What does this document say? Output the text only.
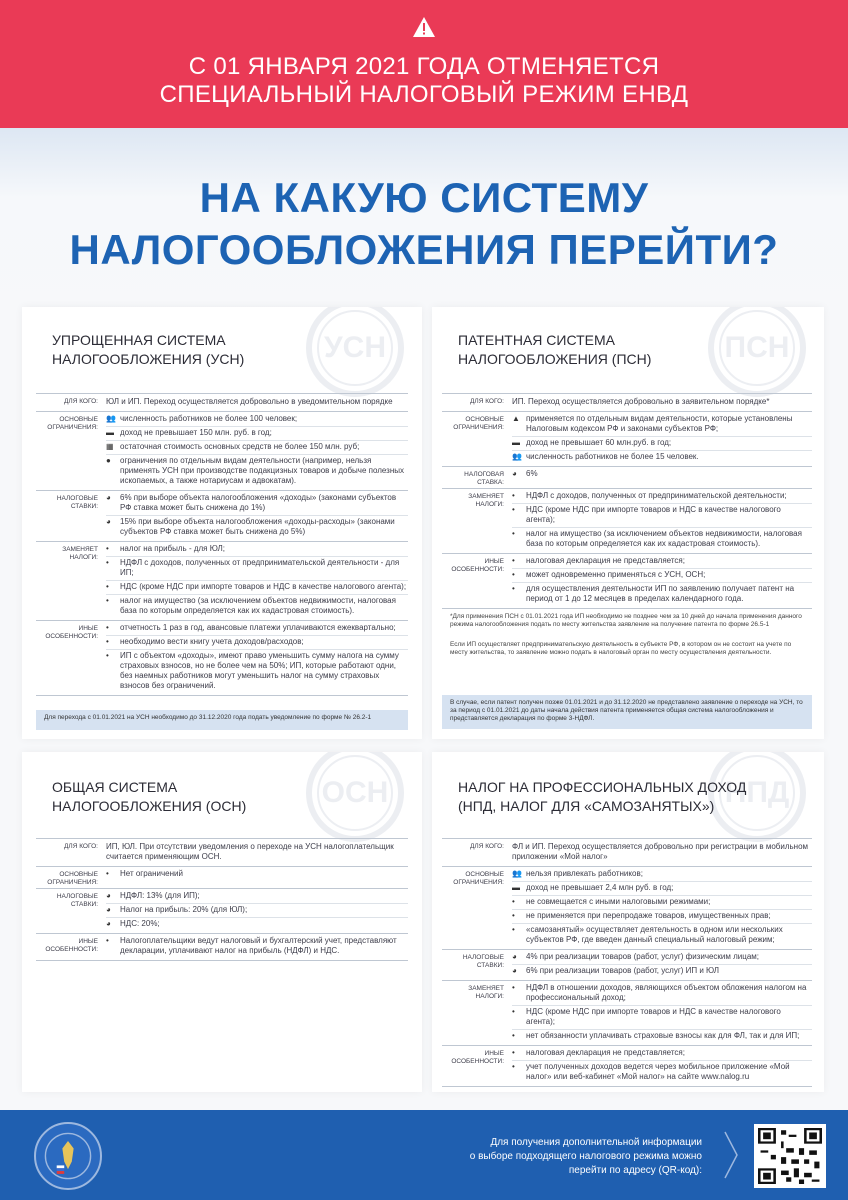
С 01 ЯНВАРЯ 2021 ГОДА ОТМЕНЯЕТСЯ
СПЕЦИАЛЬНЫЙ НАЛОГОВЫЙ РЕЖИМ ЕНВД
НА КАКУЮ СИСТЕМУ
НАЛОГООБЛОЖЕНИЯ ПЕРЕЙТИ?
УСН
УПРОЩЕННАЯ СИСТЕМА
НАЛОГООБЛОЖЕНИЯ (УСН)
ДЛЯ КОГО: ЮЛ и ИП. Переход осуществляется добровольно в уведомительном порядке
ОСНОВНЫЕ
ОГРАНИЧЕНИЯ:
👥 численность работников не более 100 человек;
▬ доход не превышает 150 млн. руб. в год;
▦ остаточная стоимость основных средств не более 150 млн. руб;
●	ограничения по отдельным видам деятельности (например, нельзя применять УСН при производстве подакцизных товаров и добыче полезных ископаемых, а также нотариусам и адвокатам).
НАЛОГОВЫЕ
СТАВКИ:
◕	6% при выборе объекта налогообложения «доходы» (законами субъектов РФ ставка может быть снижена до 1%)
◕	15% при выборе объекта налогообложения «доходы-расходы» (законами субъектов РФ ставка может быть снижена до 5%)
ЗАМЕНЯЕТ
НАЛОГИ:
•	налог на прибыль - для ЮЛ;
•	НДФЛ с доходов, полученных от предпринимательской деятельности - для ИП;
•	НДС (кроме НДС при импорте товаров и НДС в качестве налогового агента);
•	налог на имущество (за исключением объектов недвижимости, налоговая база по которым определяется как их кадастровая стоимость).
ИНЫЕ
ОСОБЕННОСТИ:
•	отчетность 1 раз в год, авансовые платежи уплачиваются ежеквартально;
•	необходимо вести книгу учета доходов/расходов;
•	ИП с объектом «доходы», имеют право уменьшить сумму налога на сумму страховых взносов, но не более чем на 50%; ИП, которые работают одни, без наемных работников могут уменьшить налог на сумму страховых взносов без ограничений.
Для перехода с 01.01.2021 на УСН необходимо до 31.12.2020 года подать уведомление по форме № 26.2-1
ПСН
ПАТЕНТНАЯ СИСТЕМА
НАЛОГООБЛОЖЕНИЯ (ПСН)
ДЛЯ КОГО: ИП. Переход осуществляется добровольно в заявительном порядке*
ОСНОВНЫЕ
ОГРАНИЧЕНИЯ:
▲ применяется по отдельным видам деятельности, которые установлены Налоговым кодексом РФ и законами субъектов РФ;
▬ доход не превышает 60 млн.руб. в год;
👥 численность работников не более 15 человек.
НАЛОГОВАЯ
СТАВКА:
◕	6%
ЗАМЕНЯЕТ
НАЛОГИ:
•	НДФЛ с доходов, полученных от предпринимательской деятельности;
•	НДС (кроме НДС при импорте товаров и НДС в качестве налогового агента);
•	налог на имущество (за исключением объектов недвижимости, налоговая база по которым определяется как их кадастровая стоимость).
ИНЫЕ
ОСОБЕННОСТИ:
•	налоговая декларация не представляется;
•	может одновременно применяться с УСН, ОСН;
•	для осуществления деятельности ИП по заявлению получает патент на период от 1 до 12 месяцев в пределах календарного года.
*Для применения ПСН с 01.01.2021 года ИП необходимо не позднее чем за 10 дней до начала применения данного режима налогообложения подать по месту жительства заявление на получение патента по форме 26.5-1
Если ИП осуществляет предпринимательскую деятельность в субъекте РФ, в котором он не состоит на учете по месту жительства, то заявление можно подать в налоговый орган по месту осуществления деятельности.
В случае, если патент получен позже 01.01.2021 и до 31.12.2020 не представлено заявление о переходе на УСН, то за период с 01.01.2021 до даты начала действия патента применяется общая система налогообложения и представляется декларация по форме 3-НДФЛ.
ОСН
ОБЩАЯ СИСТЕМА
НАЛОГООБЛОЖЕНИЯ (ОСН)
ДЛЯ КОГО: ИП, ЮЛ. При отсутствии уведомления о переходе на УСН налогоплательщик считается применяющим ОСН.
ОСНОВНЫЕ
ОГРАНИЧЕНИЯ:
•	Нет ограничений
НАЛОГОВЫЕ
СТАВКИ:
◕	НДФЛ: 13% (для ИП);
◕	Налог на прибыль: 20% (для ЮЛ);
◕	НДС: 20%;
ИНЫЕ
ОСОБЕННОСТИ:
•	Налогоплательщики ведут налоговый и бухгалтерский учет, представляют декларации, уплачивают налог на прибыль (НДФЛ) и НДС.
НПД
НАЛОГ НА ПРОФЕССИОНАЛЬНЫХ ДОХОД
(НПД, НАЛОГ ДЛЯ «САМОЗАНЯТЫХ»)
ДЛЯ КОГО: ФЛ и ИП. Переход осуществляется добровольно при регистрации в мобильном приложении «Мой налог»
ОСНОВНЫЕ
ОГРАНИЧЕНИЯ:
👥 нельзя привлекать работников;
▬ доход не превышает 2,4 млн руб. в год;
•	не совмещается с иными налоговыми режимами;
•	не применяется при перепродаже товаров, имущественных прав;
•	«самозанятый» осуществляет деятельность в одном или нескольких субъектов РФ, где введен данный специальный налоговый режим;
НАЛОГОВЫЕ
СТАВКИ:
◕	4% при реализации товаров (работ, услуг) физическим лицам;
◕	6% при реализации товаров (работ, услуг) ИП и ЮЛ
ЗАМЕНЯЕТ
НАЛОГИ:
•	НДФЛ в отношении доходов, являющихся объектом обложения налогом на профессиональный доход;
•	НДС (кроме НДС при импорте товаров и НДС в качестве налогового агента);
•	нет обязанности уплачивать страховые взносы как для ФЛ, так и для ИП;
ИНЫЕ
ОСОБЕННОСТИ:
•	налоговая декларация не представляется;
•	учет полученных доходов ведется через мобильное приложение «Мой налог» или веб-кабинет «Мой налог» на сайте www.nalog.ru
Для получения дополнительной информации
о выборе подходящего налогового режима можно
перейти по адресу (QR-код):
